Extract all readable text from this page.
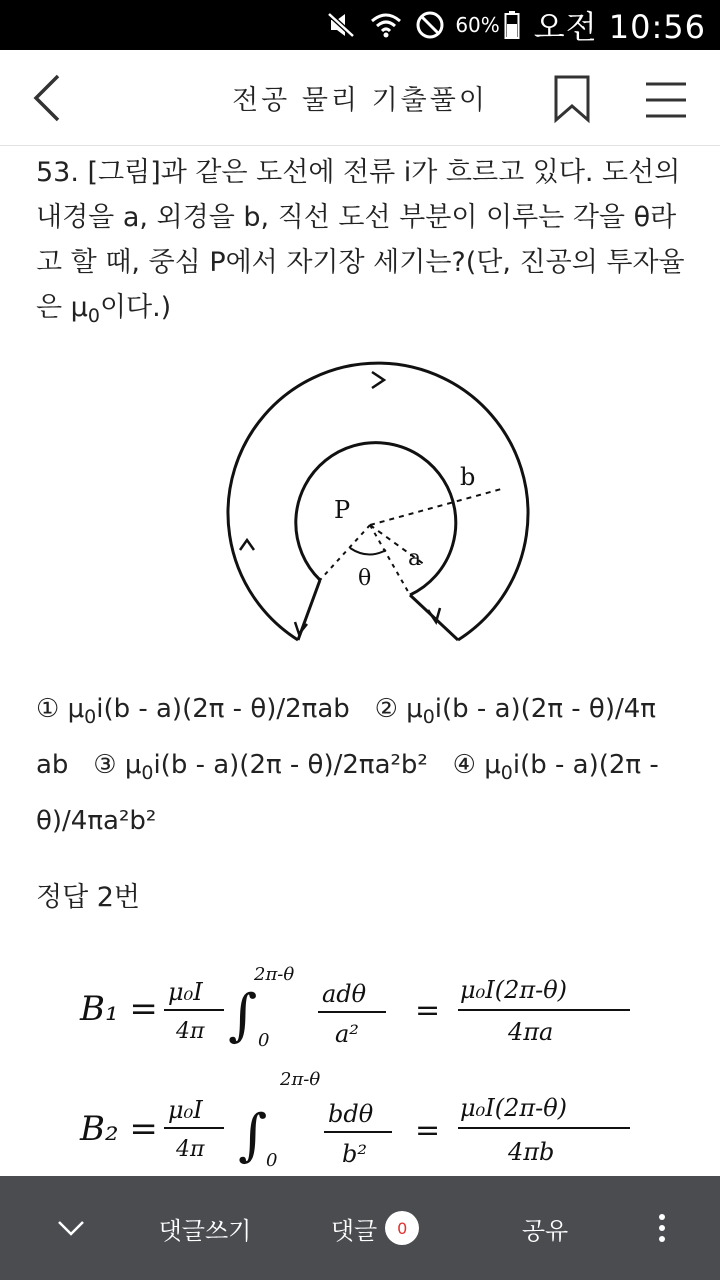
60% 오전 10:56
전공 물리 기출풀이
53. [그림]과 같은 도선에 전류 i가 흐르고 있다. 도선의 내경을 a, 외경을 b, 직선 도선 부분이 이루는 각을 θ라고 할 때, 중심 P에서 자기장 세기는?(단, 진공의 투자율은 $\mu_0$이다.)
P
b
a
θ
① $\mu_0i(b - a)(2\pi - \theta)/2\pi ab$ ② $\mu_0i(b - a)(2\pi - \theta)/4\pi$ ab ③ $\mu_0i(b - a)(2\pi - \theta)/2\pi a^2b^2$ ④ $\mu_0i(b - a)(2\pi - \theta)/4\pi a^2b^2$
정답 2번
B₁ = μ₀I
4π ∫
2π-θ
0
adθ
a²
=
μ₀I(2π-θ)
4πa
B₂ = μ₀I
4π ∫
2π-θ
0
bdθ
b²
=
μ₀I(2π-θ)
4πb
댓글쓰기	댓글	0	공유
